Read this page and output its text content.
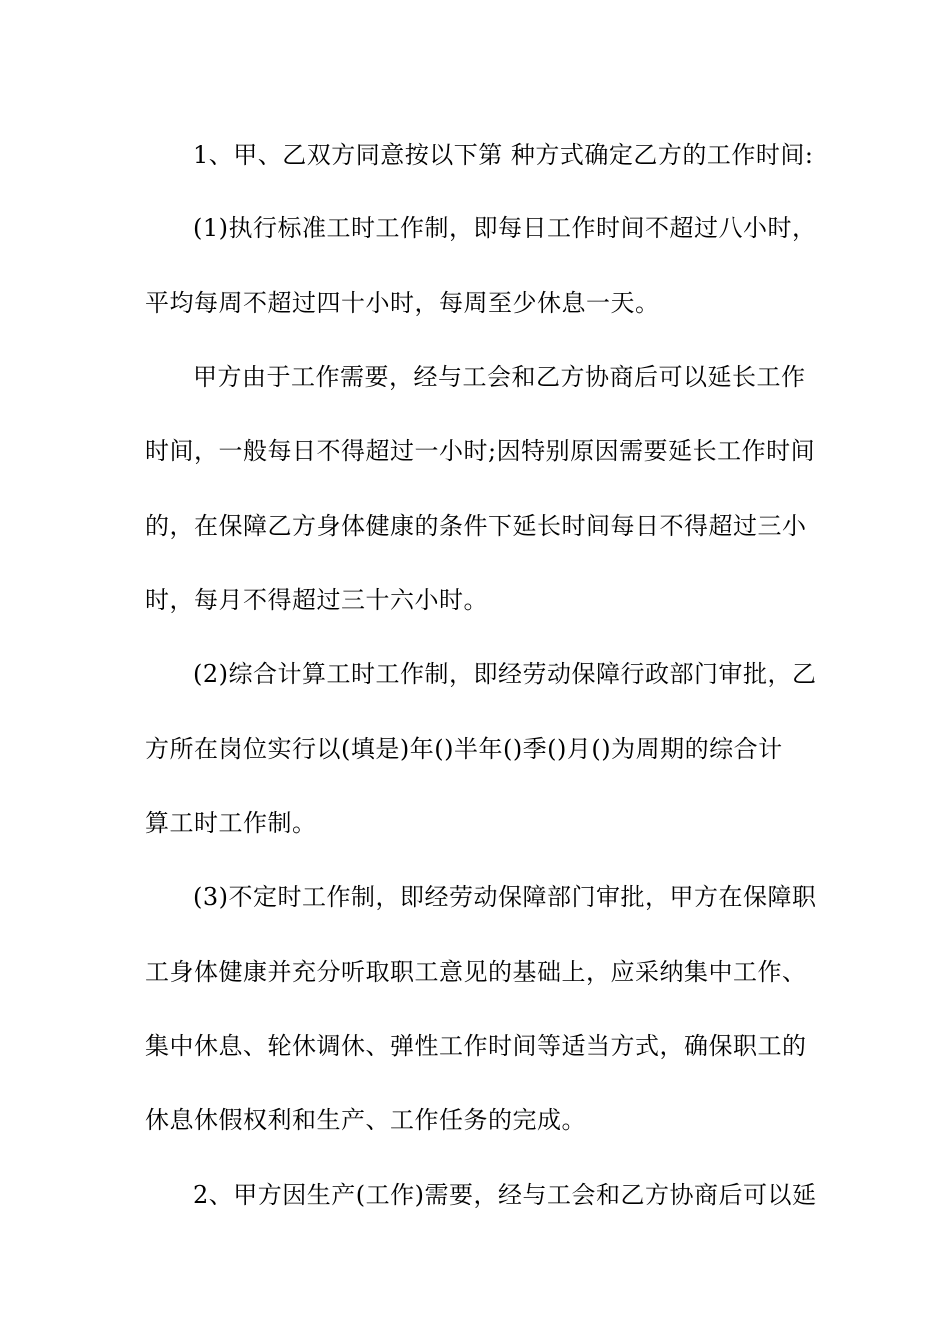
1、甲、乙双方同意按以下第 种方式确定乙方的工作时间:
(1)执行标准工时工作制，即每日工作时间不超过八小时，
平均每周不超过四十小时，每周至少休息一天。
甲方由于工作需要，经与工会和乙方协商后可以延长工作
时间，一般每日不得超过一小时;因特别原因需要延长工作时间
的，在保障乙方身体健康的条件下延长时间每日不得超过三小
时，每月不得超过三十六小时。
(2)综合计算工时工作制，即经劳动保障行政部门审批，乙
方所在岗位实行以(填是)年()半年()季()月()为周期的综合计
算工时工作制。
(3)不定时工作制，即经劳动保障部门审批，甲方在保障职
工身体健康并充分听取职工意见的基础上，应采纳集中工作、
集中休息、轮休调休、弹性工作时间等适当方式，确保职工的
休息休假权利和生产、工作任务的完成。
2、甲方因生产(工作)需要，经与工会和乙方协商后可以延
